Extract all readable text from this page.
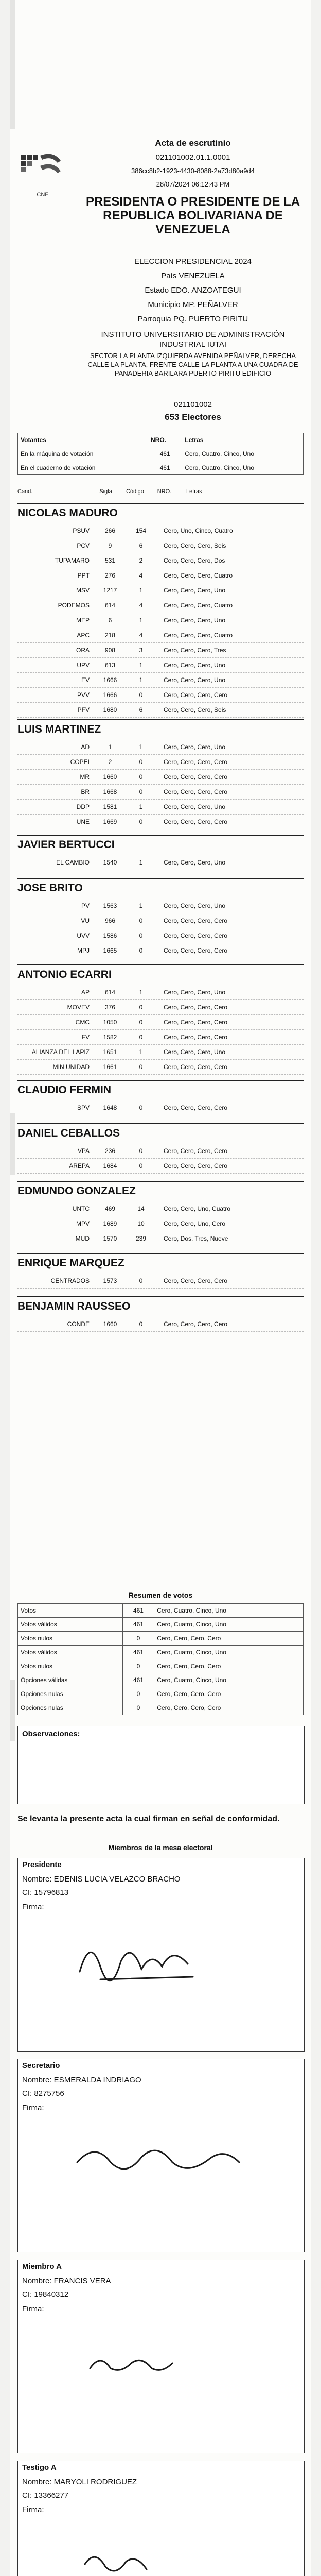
CNE
Acta de escrutinio
021101002.01.1.0001
386cc8b2-1923-4430-8088-2a73d80a9d4
28/07/2024 06:12:43 PM
PRESIDENTA O PRESIDENTE DE LA REPUBLICA BOLIVARIANA DE VENEZUELA
ELECCION PRESIDENCIAL 2024
País VENEZUELA
Estado EDO. ANZOATEGUI
Municipio MP. PEÑALVER
Parroquia PQ. PUERTO PIRITU
INSTITUTO UNIVERSITARIO DE ADMINISTRACIÓN INDUSTRIAL IUTAI
SECTOR LA PLANTA IZQUIERDA AVENIDA PEÑALVER, DERECHA CALLE LA PLANTA, FRENTE CALLE LA PLANTA A UNA CUADRA DE PANADERIA BARILARA PUERTO PIRITU EDIFICIO
021101002
653 Electores
Votantes	NRO.	Letras
En la máquina de votación	461	Cero, Cuatro, Cinco, Uno
En el cuaderno de votación	461	Cero, Cuatro, Cinco, Uno
Cand.	Sigla	Código	NRO.	Letras
NICOLAS MADURO
PSUV	266	154	Cero, Uno, Cinco, Cuatro
PCV	9	6	Cero, Cero, Cero, Seis
TUPAMARO	531	2	Cero, Cero, Cero, Dos
PPT	276	4	Cero, Cero, Cero, Cuatro
MSV	1217	1	Cero, Cero, Cero, Uno
PODEMOS	614	4	Cero, Cero, Cero, Cuatro
MEP	6	1	Cero, Cero, Cero, Uno
APC	218	4	Cero, Cero, Cero, Cuatro
ORA	908	3	Cero, Cero, Cero, Tres
UPV	613	1	Cero, Cero, Cero, Uno
EV	1666	1	Cero, Cero, Cero, Uno
PVV	1666	0	Cero, Cero, Cero, Cero
PFV	1680	6	Cero, Cero, Cero, Seis
LUIS MARTINEZ
AD	1	1	Cero, Cero, Cero, Uno
COPEI	2	0	Cero, Cero, Cero, Cero
MR	1660	0	Cero, Cero, Cero, Cero
BR	1668	0	Cero, Cero, Cero, Cero
DDP	1581	1	Cero, Cero, Cero, Uno
UNE	1669	0	Cero, Cero, Cero, Cero
JAVIER BERTUCCI
EL CAMBIO	1540	1	Cero, Cero, Cero, Uno
JOSE BRITO
PV	1563	1	Cero, Cero, Cero, Uno
VU	966	0	Cero, Cero, Cero, Cero
UVV	1586	0	Cero, Cero, Cero, Cero
MPJ	1665	0	Cero, Cero, Cero, Cero
ANTONIO ECARRI
AP	614	1	Cero, Cero, Cero, Uno
MOVEV	376	0	Cero, Cero, Cero, Cero
CMC	1050	0	Cero, Cero, Cero, Cero
FV	1582	0	Cero, Cero, Cero, Cero
ALIANZA DEL LAPIZ	1651	1	Cero, Cero, Cero, Uno
MIN UNIDAD	1661	0	Cero, Cero, Cero, Cero
CLAUDIO FERMIN
SPV	1648	0	Cero, Cero, Cero, Cero
DANIEL CEBALLOS
VPA	236	0	Cero, Cero, Cero, Cero
AREPA	1684	0	Cero, Cero, Cero, Cero
EDMUNDO GONZALEZ
UNTC	469	14	Cero, Cero, Uno, Cuatro
MPV	1689	10	Cero, Cero, Uno, Cero
MUD	1570	239	Cero, Dos, Tres, Nueve
ENRIQUE MARQUEZ
CENTRADOS	1573	0	Cero, Cero, Cero, Cero
BENJAMIN RAUSSEO
CONDE	1660	0	Cero, Cero, Cero, Cero
Resumen de votos
Votos	461	Cero, Cuatro, Cinco, Uno
Votos válidos	461	Cero, Cuatro, Cinco, Uno
Votos nulos	0	Cero, Cero, Cero, Cero
Votos válidos	461	Cero, Cuatro, Cinco, Uno
Votos nulos	0	Cero, Cero, Cero, Cero
Opciones válidas	461	Cero, Cuatro, Cinco, Uno
Opciones nulas	0	Cero, Cero, Cero, Cero
Opciones nulas	0	Cero, Cero, Cero, Cero
Observaciones:
Se levanta la presente acta la cual firman en señal de conformidad.
Miembros de la mesa electoral
Presidente
Nombre: EDENIS LUCIA VELAZCO BRACHO
CI: 15796813
Firma:
Secretario
Nombre: ESMERALDA INDRIAGO
CI: 8275756
Firma:
Miembro A
Nombre: FRANCIS VERA
CI: 19840312
Firma:
Testigo A
Nombre: MARYOLI RODRIGUEZ
CI: 13366277
Firma:
